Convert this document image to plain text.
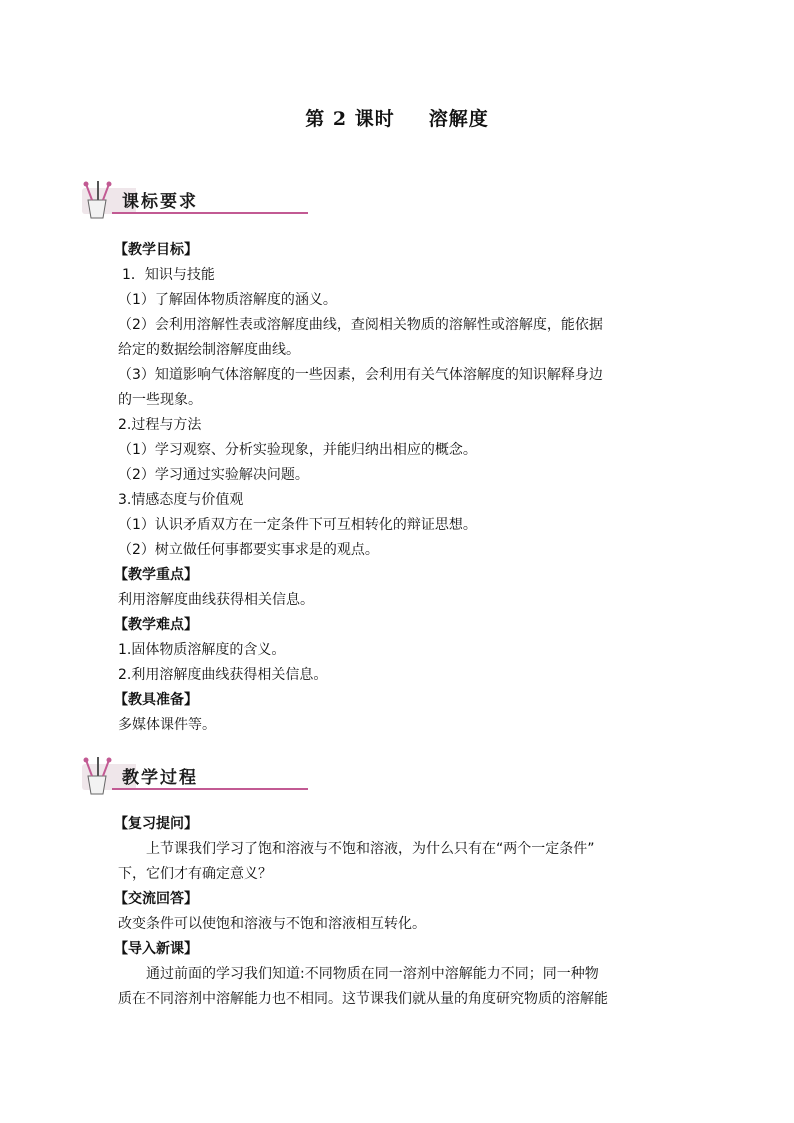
第 2 课时 溶解度
课标要求
【教学目标】
1．知识与技能
（1）了解固体物质溶解度的涵义。
（2）会利用溶解性表或溶解度曲线，查阅相关物质的溶解性或溶解度，能依据
给定的数据绘制溶解度曲线。
（3）知道影响气体溶解度的一些因素，会利用有关气体溶解度的知识解释身边
的一些现象。
2.过程与方法
（1）学习观察、分析实验现象，并能归纳出相应的概念。
（2）学习通过实验解决问题。
3.情感态度与价值观
（1）认识矛盾双方在一定条件下可互相转化的辩证思想。
（2）树立做任何事都要实事求是的观点。
【教学重点】
利用溶解度曲线获得相关信息。
【教学难点】
1.固体物质溶解度的含义。
2.利用溶解度曲线获得相关信息。
【教具准备】
多媒体课件等。
教学过程
【复习提问】
上节课我们学习了饱和溶液与不饱和溶液，为什么只有在“两个一定条件”
下，它们才有确定意义？
【交流回答】
改变条件可以使饱和溶液与不饱和溶液相互转化。
【导入新课】
通过前面的学习我们知道:不同物质在同一溶剂中溶解能力不同；同一种物
质在不同溶剂中溶解能力也不相同。这节课我们就从量的角度研究物质的溶解能
